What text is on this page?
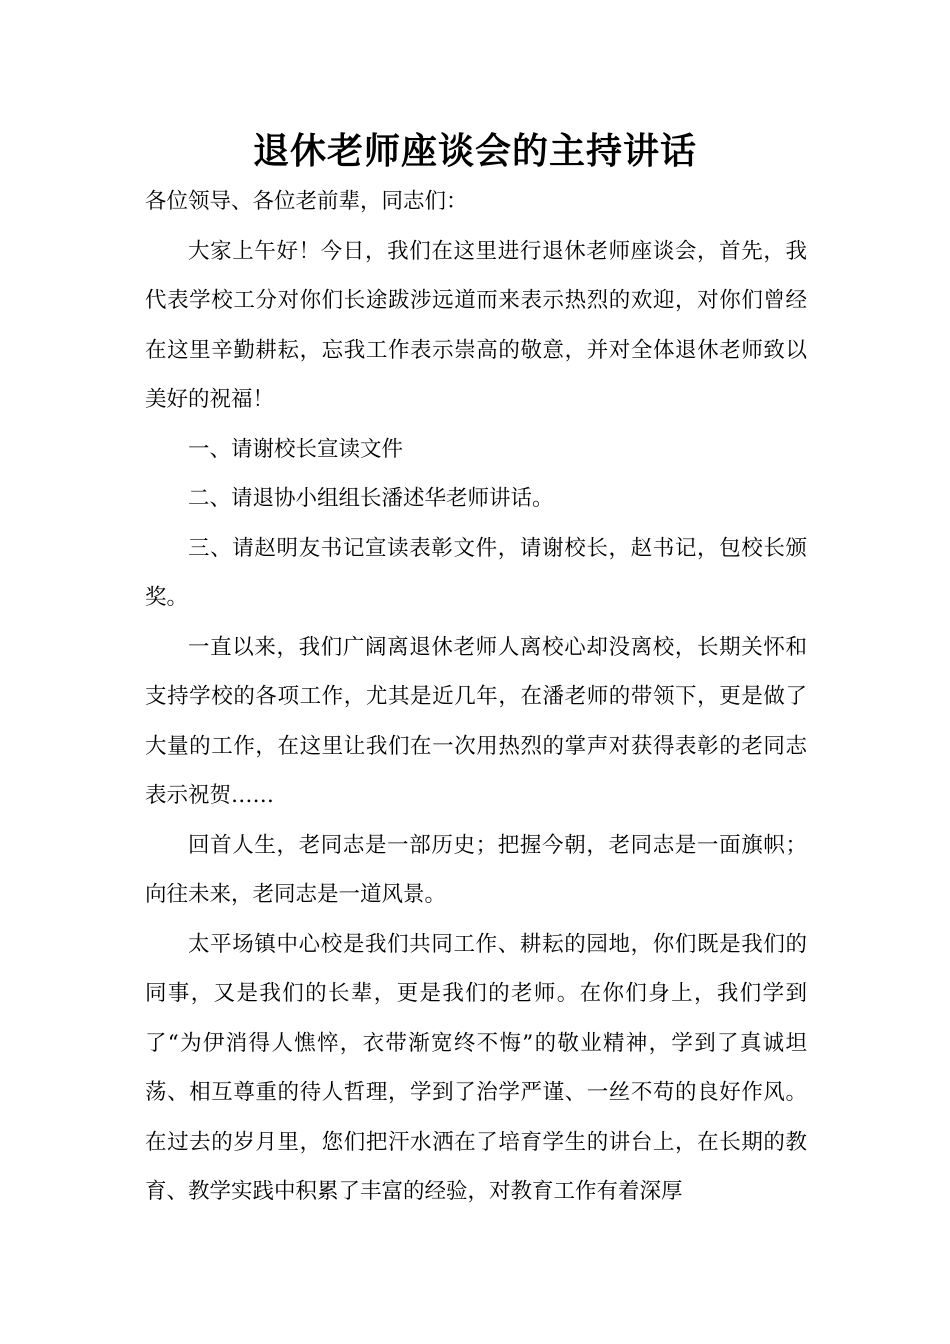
退休老师座谈会的主持讲话

各位领导、各位老前辈，同志们：

大家上午好！今日，我们在这里进行退休老师座谈会，首先，我代表学校工分对你们长途跋涉远道而来表示热烈的欢迎，对你们曾经在这里辛勤耕耘，忘我工作表示崇高的敬意，并对全体退休老师致以美好的祝福！

一、请谢校长宣读文件

二、请退协小组组长潘述华老师讲话。

三、请赵明友书记宣读表彰文件，请谢校长，赵书记，包校长颁奖。

一直以来，我们广阔离退休老师人离校心却没离校，长期关怀和支持学校的各项工作，尤其是近几年，在潘老师的带领下，更是做了大量的工作，在这里让我们在一次用热烈的掌声对获得表彰的老同志表示祝贺……

回首人生，老同志是一部历史；把握今朝，老同志是一面旗帜；向往未来，老同志是一道风景。

太平场镇中心校是我们共同工作、耕耘的园地，你们既是我们的同事，又是我们的长辈，更是我们的老师。在你们身上，我们学到了“为伊消得人憔悴，衣带渐宽终不悔”的敬业精神，学到了真诚坦荡、相互尊重的待人哲理，学到了治学严谨、一丝不苟的良好作风。在过去的岁月里，您们把汗水洒在了培育学生的讲台上，在长期的教育、教学实践中积累了丰富的经验，对教育工作有着深厚
